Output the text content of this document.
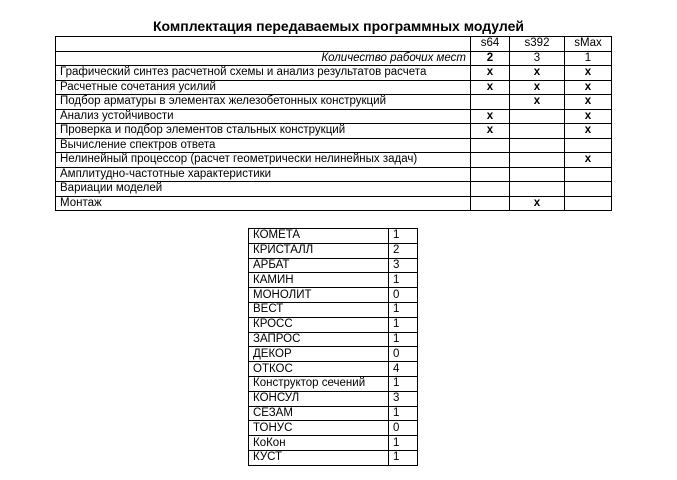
Комплектация передаваемых программных модулей
	s64	s392	sMax
Количество рабочих мест	2	3	1
Графический синтез расчетной схемы и анализ результатов расчета	x	x	x
Расчетные сочетания усилий	x	x	x
Подбор арматуры в элементах железобетонных конструкций		x	x
Анализ устойчивости	x		x
Проверка и подбор элементов стальных конструкций	x		x
Вычисление спектров ответа			
Нелинейный процессор (расчет геометрически нелинейных задач)			x
Амплитудно-частотные характеристики			
Вариации моделей			
Монтаж		x	
КОМЕТА	1
КРИСТАЛЛ	2
АРБАТ	3
КАМИН	1
МОНОЛИТ	0
ВЕСТ	1
КРОСС	1
ЗАПРОС	1
ДЕКОР	0
ОТКОС	4
Конструктор сечений	1
КОНСУЛ	3
СЕЗАМ	1
ТОНУС	0
КоКон	1
КУСТ	1
